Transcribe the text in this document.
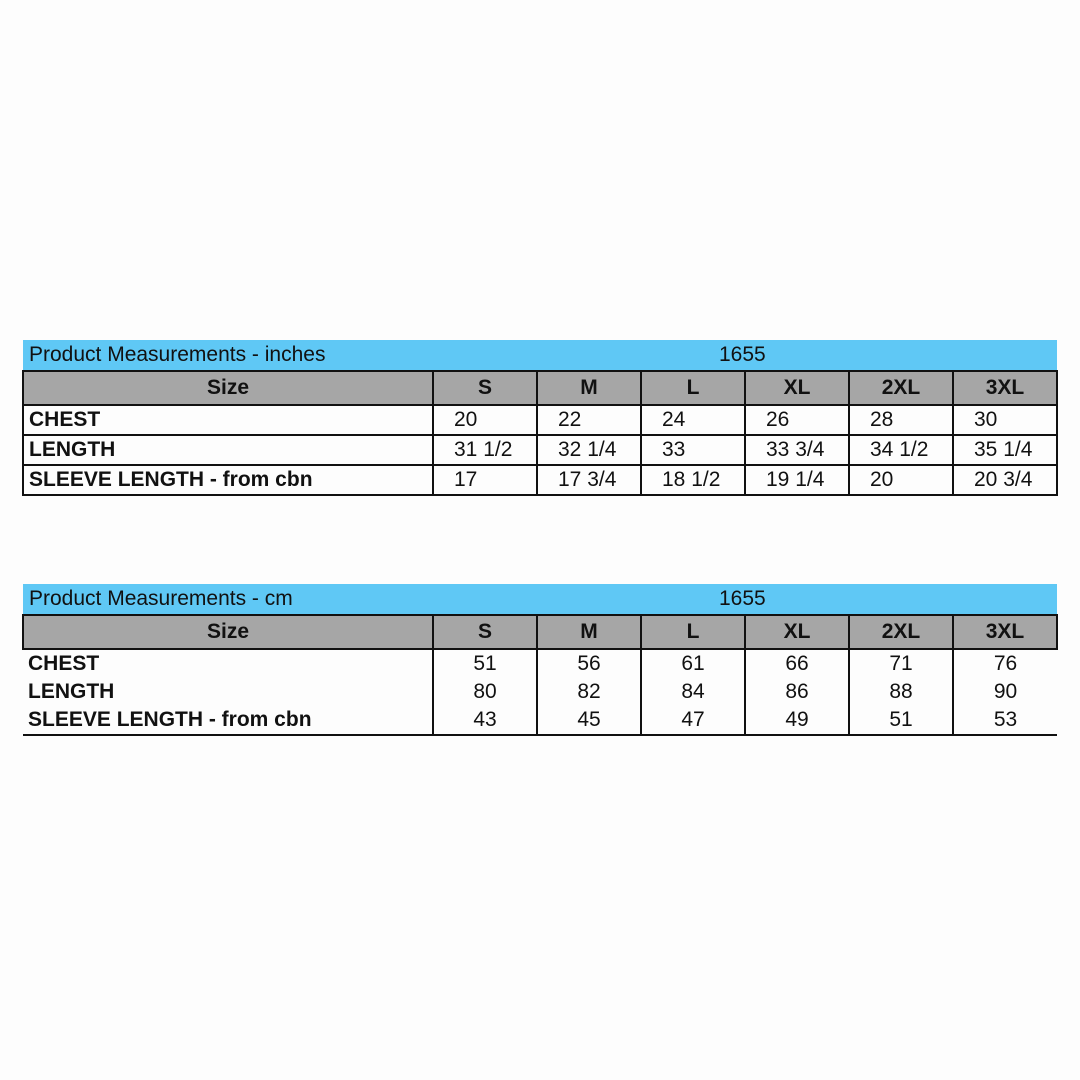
Product Measurements - inches	1655					
Size	S	M	L	XL	2XL	3XL
CHEST	20	22	24	26	28	30
LENGTH	31 1/2	32 1/4	33	33 3/4	34 1/2	35 1/4
SLEEVE LENGTH - from cbn	17	17 3/4	18 1/2	19 1/4	20	20 3/4
Product Measurements - cm	1655					
Size	S	M	L	XL	2XL	3XL
CHEST	51	56	61	66	71	76
LENGTH	80	82	84	86	88	90
SLEEVE LENGTH - from cbn	43	45	47	49	51	53
